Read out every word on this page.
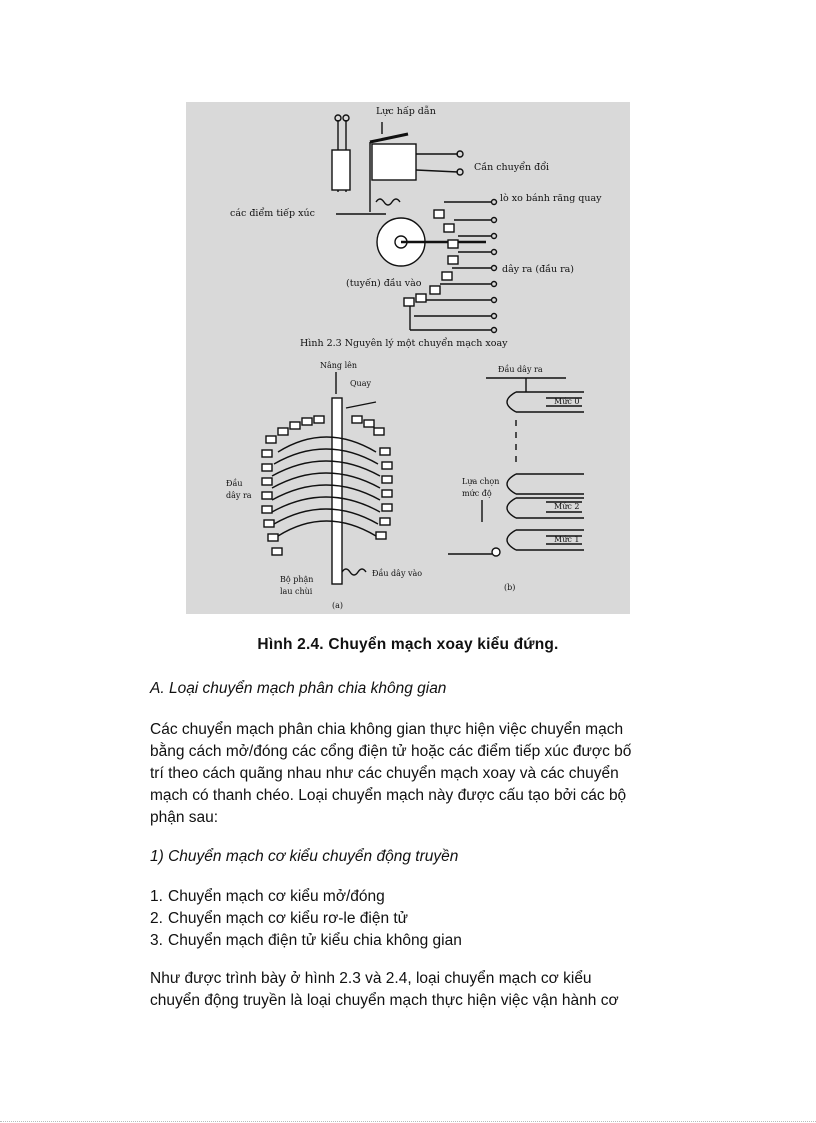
Lực hấp dẫn
Cần chuyển đổi
các điểm tiếp xúc
lò xo bánh răng quay
dây ra (đầu ra)
(tuyến) đầu vào
Hình 2.3 Nguyên lý một chuyển mạch xoay
Nâng lên
Quay
Đầu
dây ra
Bộ phận
lau chùi
Đầu dây vào
(a)
Đầu dây ra
Mức 0
Mức 2
Mức 1
Lựa chọn
mức độ
(b)
Hình 2.4. Chuyển mạch xoay kiểu đứng.
A. Loại chuyển mạch phân chia không gian
Các chuyển mạch phân chia không gian thực hiện việc chuyển mạch
bằng cách mở/đóng các cổng điện tử hoặc các điểm tiếp xúc được bố
trí theo cách quãng nhau như các chuyển mạch xoay và các chuyển
mạch có thanh chéo. Loại chuyển mạch này được cấu tạo bởi các bộ
phận sau:
1) Chuyển mạch cơ kiểu chuyển động truyền
1. Chuyển mạch cơ kiểu mở/đóng
2. Chuyển mạch cơ kiểu rơ-le điện tử
3. Chuyển mạch điện tử kiểu chia không gian
Như được trình bày ở hình 2.3 và 2.4, loại chuyển mạch cơ kiểu
chuyển động truyền là loại chuyển mạch thực hiện việc vận hành cơ
